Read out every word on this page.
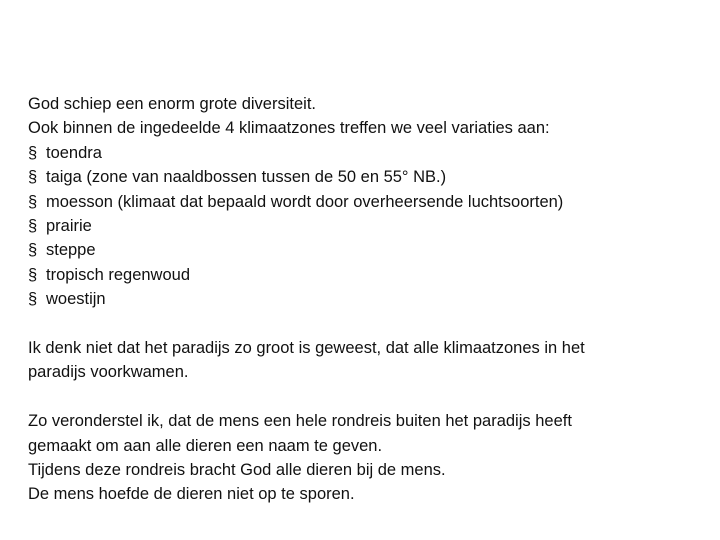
God schiep een enorm grote diversiteit.

Ook binnen de ingedeelde 4 klimaatzones treffen we veel variaties aan:

§ toendra
§ taiga (zone van naaldbossen tussen de 50 en 55° NB.)
§ moesson (klimaat dat bepaald wordt door overheersende luchtsoorten)
§ prairie
§ steppe
§ tropisch regenwoud
§ woestijn

Ik denk niet dat het paradijs zo groot is geweest, dat alle klimaatzones in het

paradijs voorkwamen.

Zo veronderstel ik, dat de mens een hele rondreis buiten het paradijs heeft

gemaakt om aan alle dieren een naam te geven.

Tijdens deze rondreis bracht God alle dieren bij de mens.

De mens hoefde de dieren niet op te sporen.
